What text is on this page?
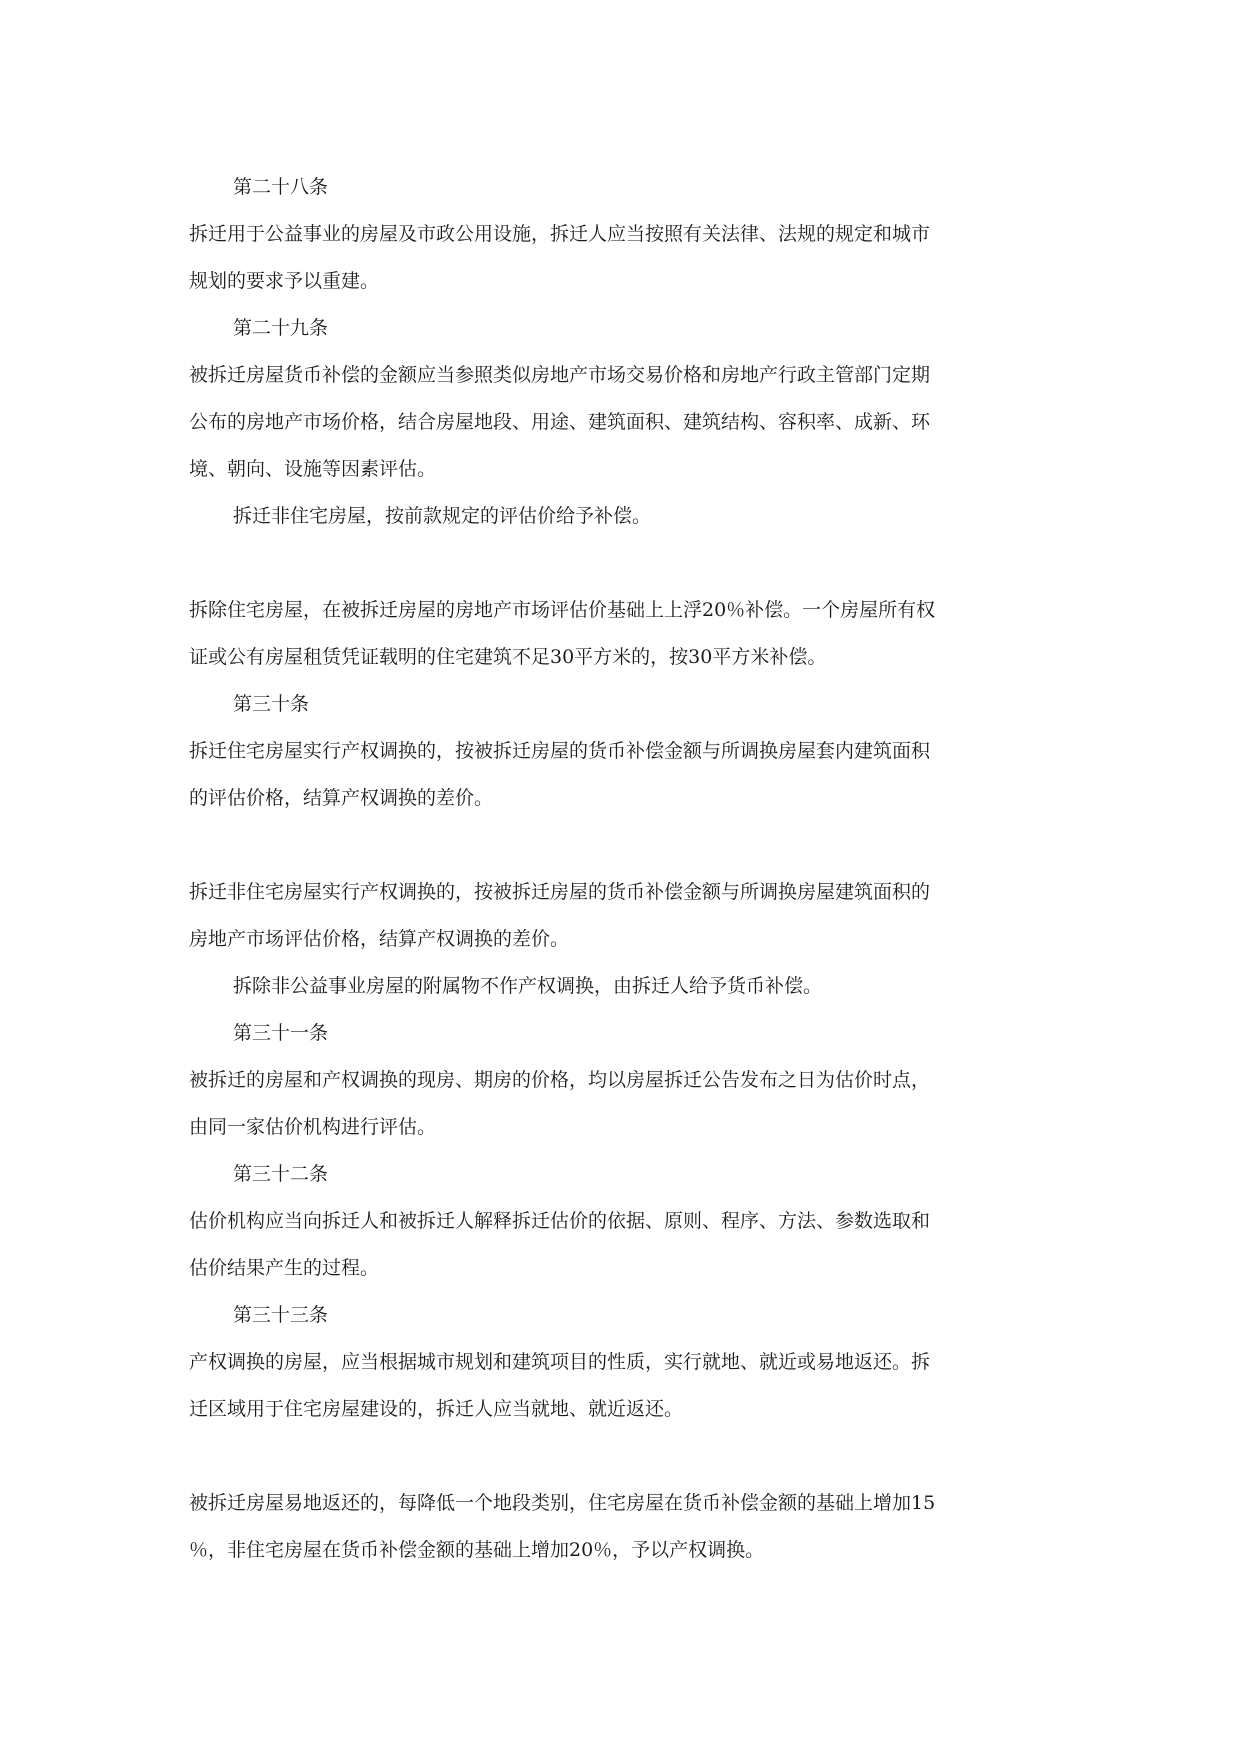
第二十八条
拆迁用于公益事业的房屋及市政公用设施，拆迁人应当按照有关法律、法规的规定和城市
规划的要求予以重建。
第二十九条
被拆迁房屋货币补偿的金额应当参照类似房地产市场交易价格和房地产行政主管部门定期
公布的房地产市场价格，结合房屋地段、用途、建筑面积、建筑结构、容积率、成新、环
境、朝向、设施等因素评估。
拆迁非住宅房屋，按前款规定的评估价给予补偿。
拆除住宅房屋，在被拆迁房屋的房地产市场评估价基础上上浮20％补偿。一个房屋所有权
证或公有房屋租赁凭证载明的住宅建筑不足30平方米的，按30平方米补偿。
第三十条
拆迁住宅房屋实行产权调换的，按被拆迁房屋的货币补偿金额与所调换房屋套内建筑面积
的评估价格，结算产权调换的差价。
拆迁非住宅房屋实行产权调换的，按被拆迁房屋的货币补偿金额与所调换房屋建筑面积的
房地产市场评估价格，结算产权调换的差价。
拆除非公益事业房屋的附属物不作产权调换，由拆迁人给予货币补偿。
第三十一条
被拆迁的房屋和产权调换的现房、期房的价格，均以房屋拆迁公告发布之日为估价时点，
由同一家估价机构进行评估。
第三十二条
估价机构应当向拆迁人和被拆迁人解释拆迁估价的依据、原则、程序、方法、参数选取和
估价结果产生的过程。
第三十三条
产权调换的房屋，应当根据城市规划和建筑项目的性质，实行就地、就近或易地返还。拆
迁区域用于住宅房屋建设的，拆迁人应当就地、就近返还。
被拆迁房屋易地返还的，每降低一个地段类别，住宅房屋在货币补偿金额的基础上增加15
％，非住宅房屋在货币补偿金额的基础上增加20％，予以产权调换。
